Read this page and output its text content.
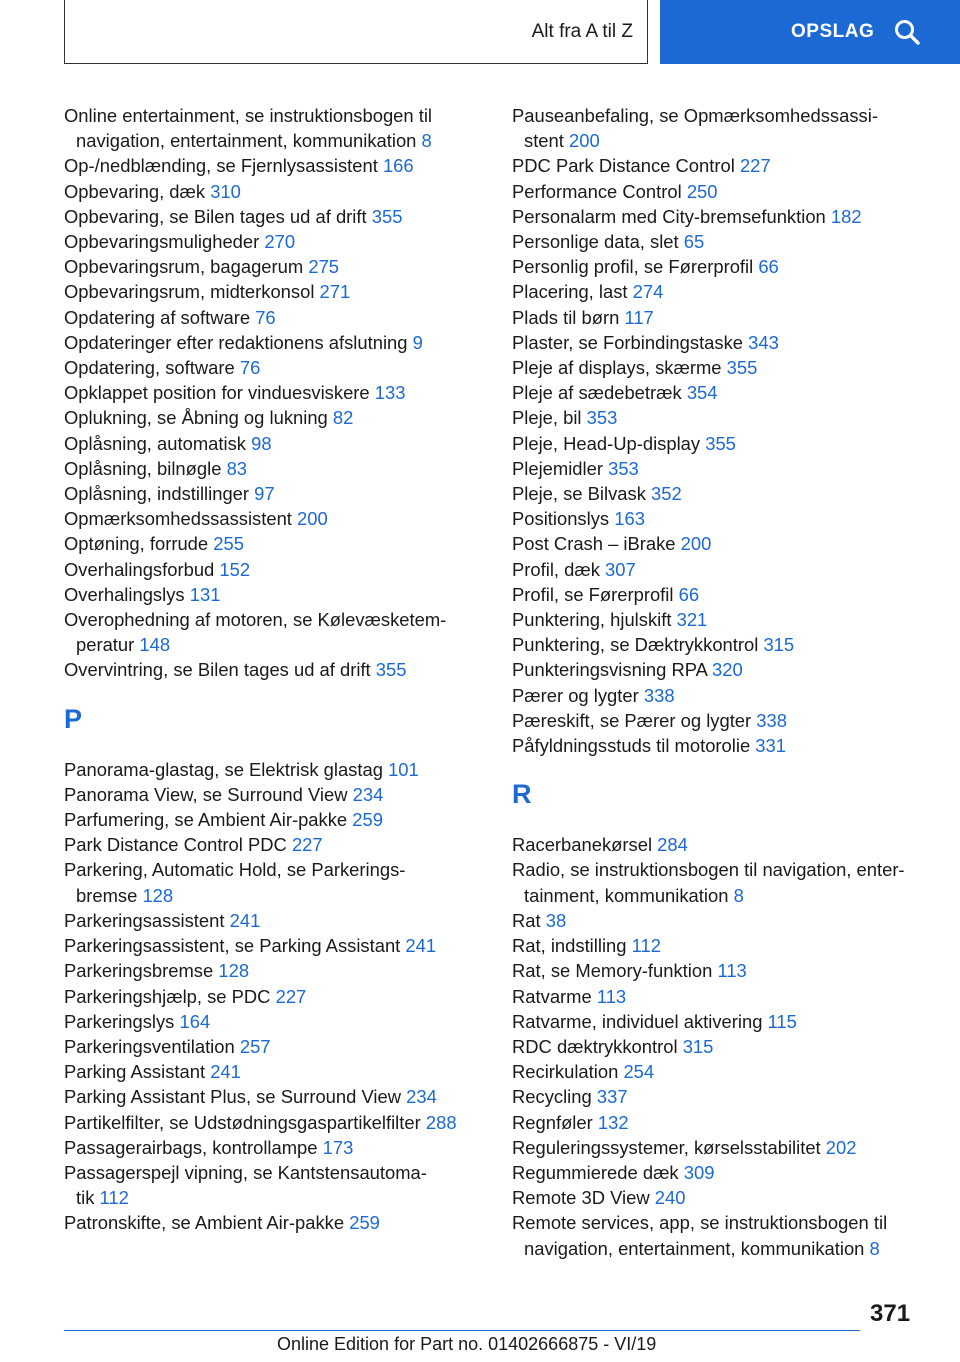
Alt fra A til Z	OPSLAG
Online entertainment, se instruktionsbogen til
navigation, entertainment, kommunikation 8
Op-/nedblænding, se Fjernlysassistent 166
Opbevaring, dæk 310
Opbevaring, se Bilen tages ud af drift 355
Opbevaringsmuligheder 270
Opbevaringsrum, bagagerum 275
Opbevaringsrum, midterkonsol 271
Opdatering af software 76
Opdateringer efter redaktionens afslutning 9
Opdatering, software 76
Opklappet position for vinduesviskere 133
Oplukning, se Åbning og lukning 82
Oplåsning, automatisk 98
Oplåsning, bilnøgle 83
Oplåsning, indstillinger 97
Opmærksomhedssassistent 200
Optøning, forrude 255
Overhalingsforbud 152
Overhalingslys 131
Overophedning af motoren, se Kølevæsketem-
peratur 148
Overvintring, se Bilen tages ud af drift 355
P
Panorama-glastag, se Elektrisk glastag 101
Panorama View, se Surround View 234
Parfumering, se Ambient Air-pakke 259
Park Distance Control PDC 227
Parkering, Automatic Hold, se Parkerings-
bremse 128
Parkeringsassistent 241
Parkeringsassistent, se Parking Assistant 241
Parkeringsbremse 128
Parkeringshjælp, se PDC 227
Parkeringslys 164
Parkeringsventilation 257
Parking Assistant 241
Parking Assistant Plus, se Surround View 234
Partikelfilter, se Udstødningsgaspartikelfilter 288
Passagerairbags, kontrollampe 173
Passagerspejl vipning, se Kantstensautoma-
tik 112
Patronskifte, se Ambient Air-pakke 259
Pauseanbefaling, se Opmærksomhedssassi-
stent 200
PDC Park Distance Control 227
Performance Control 250
Personalarm med City-bremsefunktion 182
Personlige data, slet 65
Personlig profil, se Førerprofil 66
Placering, last 274
Plads til børn 117
Plaster, se Forbindingstaske 343
Pleje af displays, skærme 355
Pleje af sædebetræk 354
Pleje, bil 353
Pleje, Head-Up-display 355
Plejemidler 353
Pleje, se Bilvask 352
Positionslys 163
Post Crash – iBrake 200
Profil, dæk 307
Profil, se Førerprofil 66
Punktering, hjulskift 321
Punktering, se Dæktrykkontrol 315
Punkteringsvisning RPA 320
Pærer og lygter 338
Pæreskift, se Pærer og lygter 338
Påfyldningsstuds til motorolie 331
R
Racerbanekørsel 284
Radio, se instruktionsbogen til navigation, enter-
tainment, kommunikation 8
Rat 38
Rat, indstilling 112
Rat, se Memory-funktion 113
Ratvarme 113
Ratvarme, individuel aktivering 115
RDC dæktrykkontrol 315
Recirkulation 254
Recycling 337
Regnføler 132
Reguleringssystemer, kørselsstabilitet 202
Regummierede dæk 309
Remote 3D View 240
Remote services, app, se instruktionsbogen til
navigation, entertainment, kommunikation 8
371
Online Edition for Part no. 01402666875 - VI/19
